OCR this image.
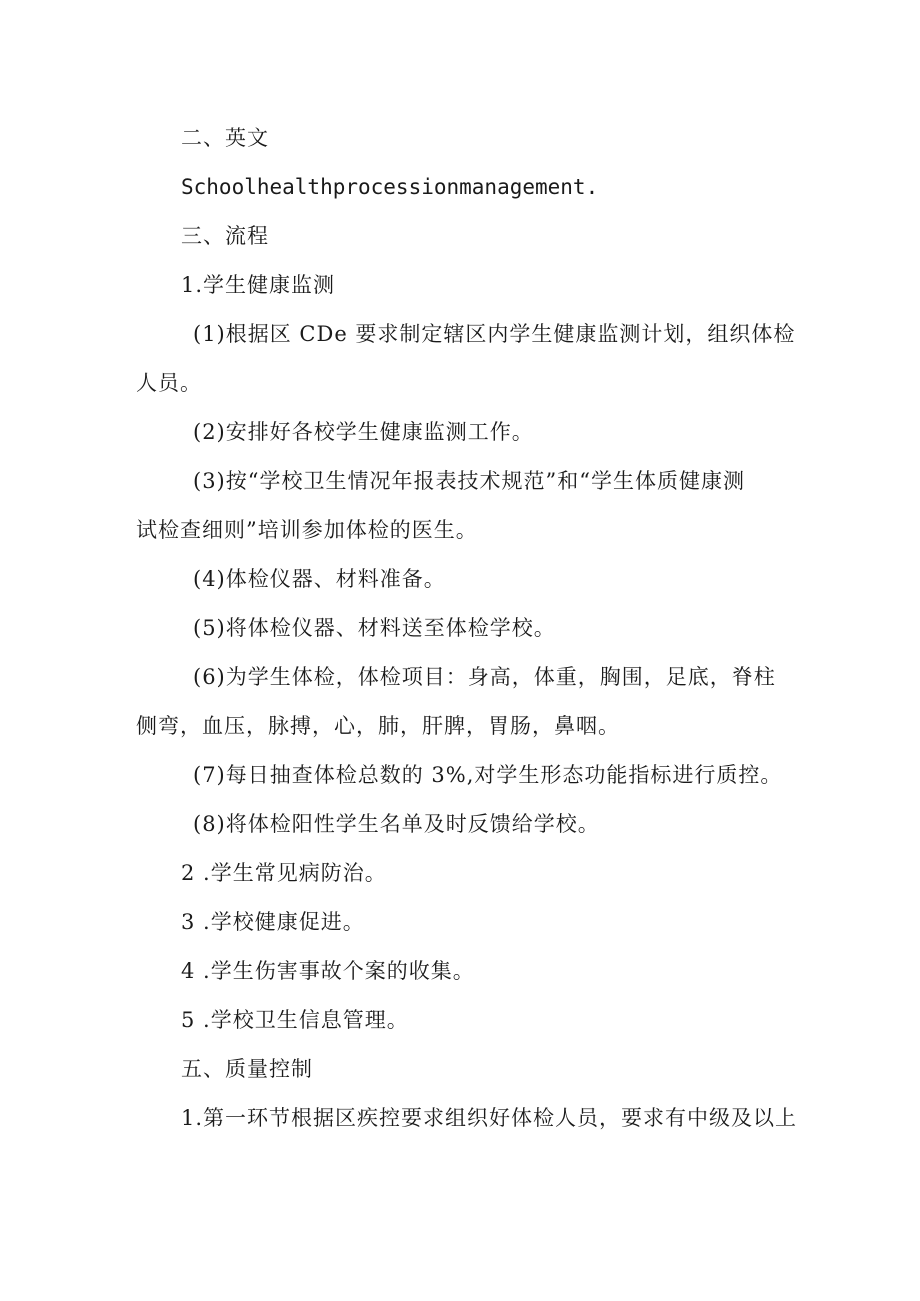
二、英文
Schoolhealthprocessionmanagement.
三、流程
1.学生健康监测
(1)根据区 CDe 要求制定辖区内学生健康监测计划，组织体检
人员。
(2)安排好各校学生健康监测工作。
(3)按“学校卫生情况年报表技术规范”和“学生体质健康测
试检查细则”培训参加体检的医生。
(4)体检仪器、材料准备。
(5)将体检仪器、材料送至体检学校。
(6)为学生体检，体检项目：身高，体重，胸围，足底，脊柱
侧弯，血压，脉搏，心，肺，肝脾，胃肠，鼻咽。
(7)每日抽查体检总数的 3%,对学生形态功能指标进行质控。
(8)将体检阳性学生名单及时反馈给学校。
2 .学生常见病防治。
3 .学校健康促进。
4 .学生伤害事故个案的收集。
5 .学校卫生信息管理。
五、质量控制
1.第一环节根据区疾控要求组织好体检人员，要求有中级及以上
